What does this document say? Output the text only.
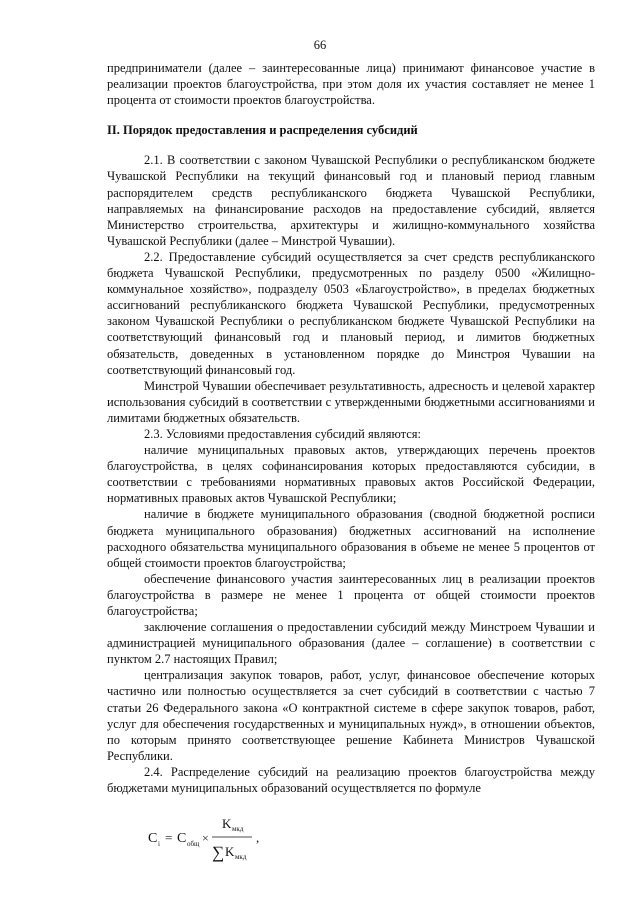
66

предприниматели (далее – заинтересованные лица) принимают финансовое участие в реализации проектов благоустройства, при этом доля их участия составляет не менее 1 процента от стоимости проектов благоустройства.

II. Порядок предоставления и распределения субсидий

2.1. В соответствии с законом Чувашской Республики о республиканском бюджете Чувашской Республики на текущий финансовый год и плановый период главным распорядителем средств республиканского бюджета Чувашской Республики, направляемых на финансирование расходов на предоставление субсидий, является Министерство строительства, архитектуры и жилищно-коммунального хозяйства Чувашской Республики (далее – Минстрой Чувашии).

2.2. Предоставление субсидий осуществляется за счет средств республиканского бюджета Чувашской Республики, предусмотренных по разделу 0500 «Жилищно-коммунальное хозяйство», подразделу 0503 «Благоустройство», в пределах бюджетных ассигнований республиканского бюджета Чувашской Республики, предусмотренных законом Чувашской Республики о республиканском бюджете Чувашской Республики на соответствующий финансовый год и плановый период, и лимитов бюджетных обязательств, доведенных в установленном порядке до Минстроя Чувашии на соответствующий финансовый год.

Минстрой Чувашии обеспечивает результативность, адресность и целевой характер использования субсидий в соответствии с утвержденными бюджетными ассигнованиями и лимитами бюджетных обязательств.

2.3. Условиями предоставления субсидий являются:

наличие муниципальных правовых актов, утверждающих перечень проектов благоустройства, в целях софинансирования которых предоставляются субсидии, в соответствии с требованиями нормативных правовых актов Российской Федерации, нормативных правовых актов Чувашской Республики;

наличие в бюджете муниципального образования (сводной бюджетной росписи бюджета муниципального образования) бюджетных ассигнований на исполнение расходного обязательства муниципального образования в объеме не менее 5 процентов от общей стоимости проектов благоустройства;

обеспечение финансового участия заинтересованных лиц в реализации проектов благоустройства в размере не менее 1 процента от общей стоимости проектов благоустройства;

заключение соглашения о предоставлении субсидий между Минстроем Чувашии и администрацией муниципального образования (далее – соглашение) в соответствии с пунктом 2.7 настоящих Правил;

централизация закупок товаров, работ, услуг, финансовое обеспечение которых частично или полностью осуществляется за счет субсидий в соответствии с частью 7 статьи 26 Федерального закона «О контрактной системе в сфере закупок товаров, работ, услуг для обеспечения государственных и муниципальных нужд», в отношении объектов, по которым принято соответствующее решение Кабинета Министров Чувашской Республики.

2.4. Распределение субсидий на реализацию проектов благоустройства между бюджетами муниципальных образований осуществляется по формуле

C i = C общ ×
K мкд
∑ K мкд
,
